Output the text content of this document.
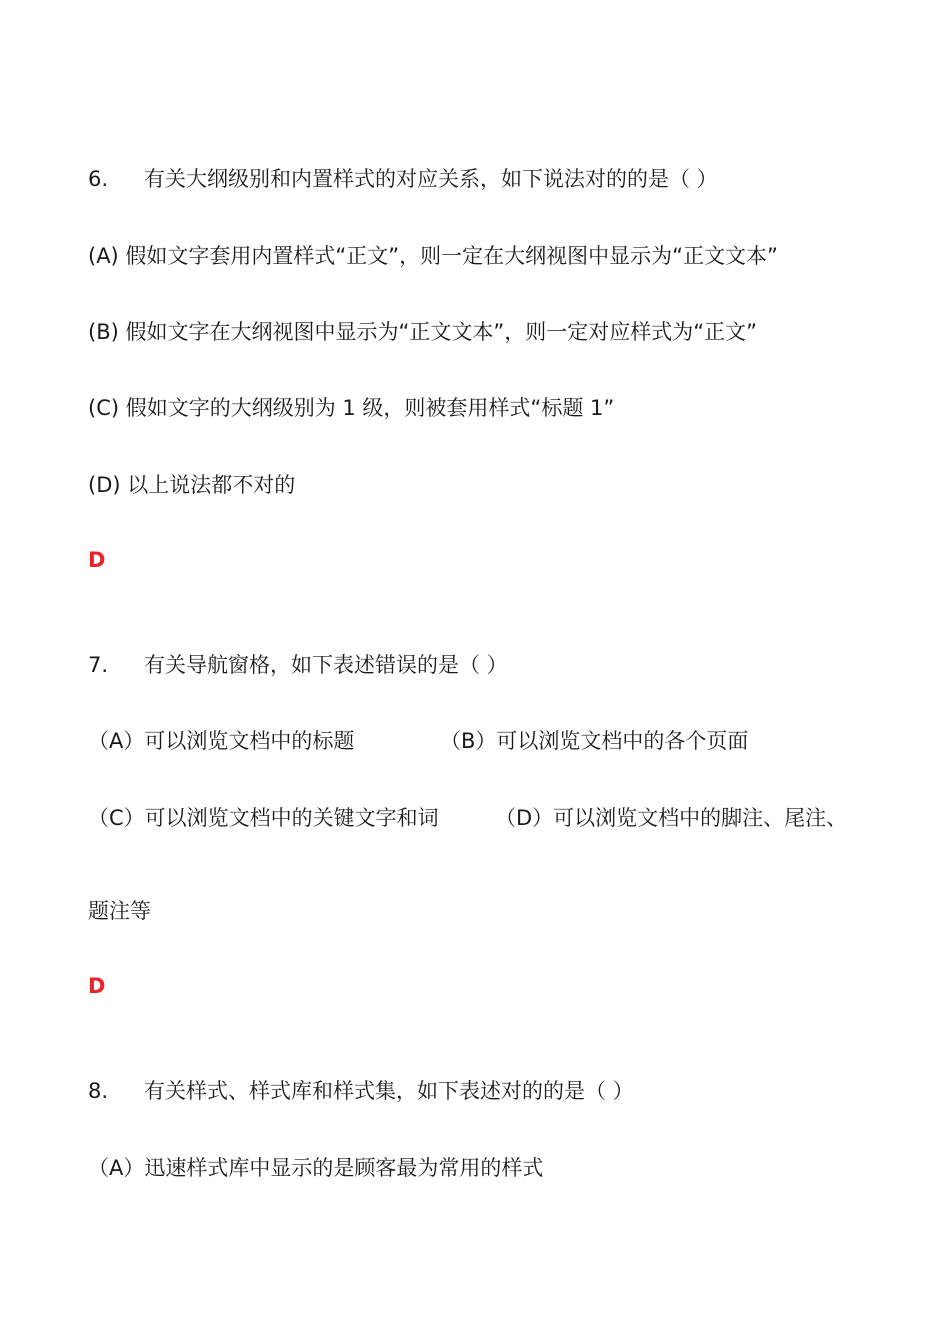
6. 有关大纲级别和内置样式的对应关系，如下说法对的的是（ ）
(A) 假如文字套用内置样式“正文”，则一定在大纲视图中显示为“正文文本”
(B) 假如文字在大纲视图中显示为“正文文本”，则一定对应样式为“正文”
(C) 假如文字的大纲级别为 1 级，则被套用样式“标题 1”
(D) 以上说法都不对的
D
7. 有关导航窗格，如下表述错误的是（ ）
（A）可以浏览文档中的标题	（B）可以浏览文档中的各个页面
（C）可以浏览文档中的关键文字和词	（D）可以浏览文档中的脚注、尾注、
题注等
D
8. 有关样式、样式库和样式集，如下表述对的的是（ ）
（A）迅速样式库中显示的是顾客最为常用的样式
